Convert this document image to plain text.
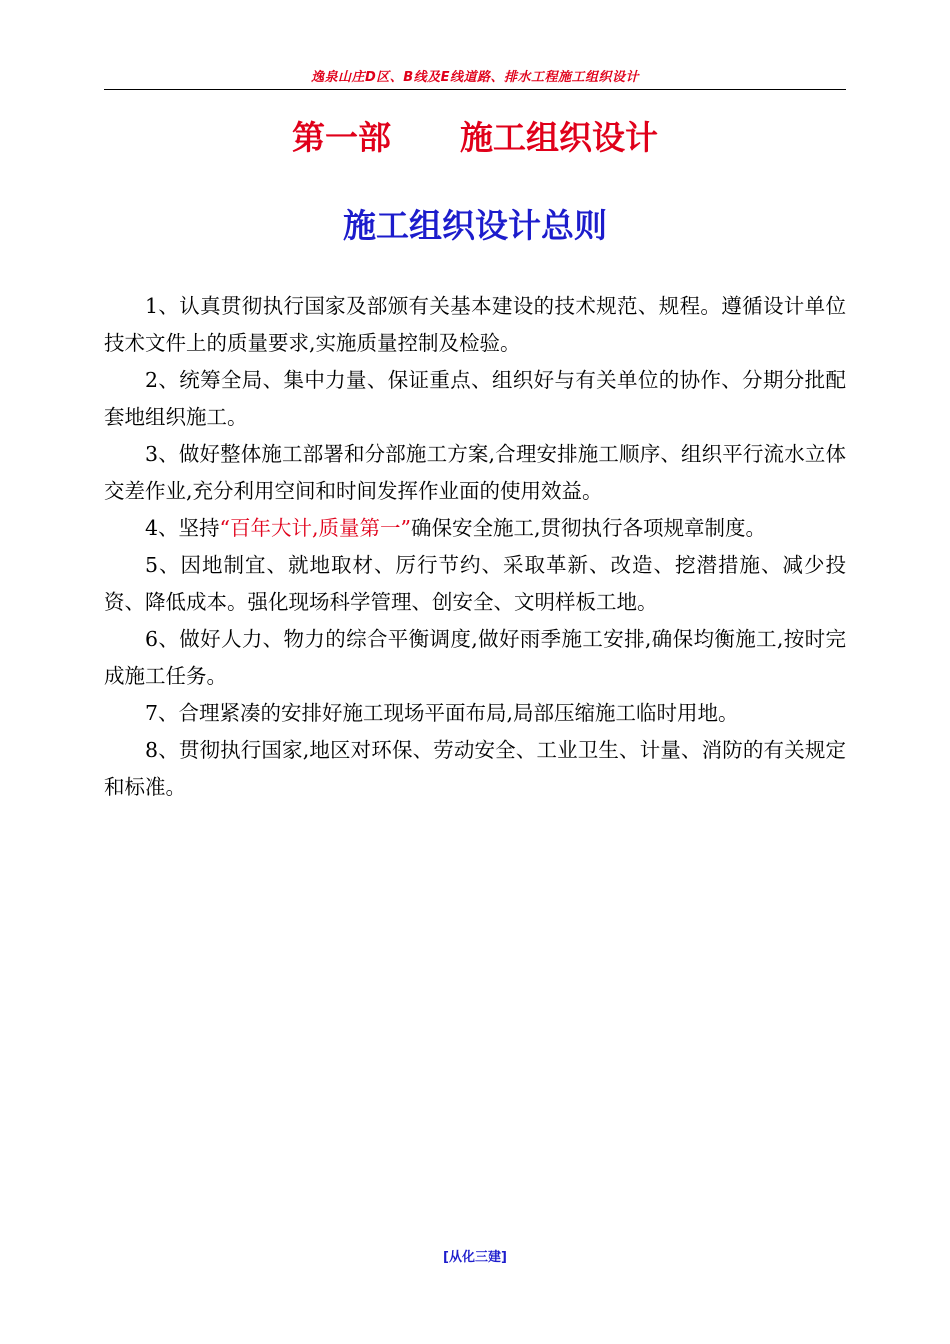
逸泉山庄D区、B线及E线道路、排水工程施工组织设计
第一部      施工组织设计
施工组织设计总则

1、认真贯彻执行国家及部颁有关基本建设的技术规范、规程。遵循设计单位技术文件上的质量要求,实施质量控制及检验。

2、统筹全局、集中力量、保证重点、组织好与有关单位的协作、分期分批配套地组织施工。

3、做好整体施工部署和分部施工方案,合理安排施工顺序、组织平行流水立体交差作业,充分利用空间和时间发挥作业面的使用效益。

4、坚持“百年大计,质量第一”确保安全施工,贯彻执行各项规章制度。

5、因地制宜、就地取材、厉行节约、采取革新、改造、挖潜措施、减少投资、降低成本。强化现场科学管理、创安全、文明样板工地。

6、做好人力、物力的综合平衡调度,做好雨季施工安排,确保均衡施工,按时完成施工任务。

7、合理紧凑的安排好施工现场平面布局,局部压缩施工临时用地。

8、贯彻执行国家,地区对环保、劳动安全、工业卫生、计量、消防的有关规定和标准。

[从化三建]
